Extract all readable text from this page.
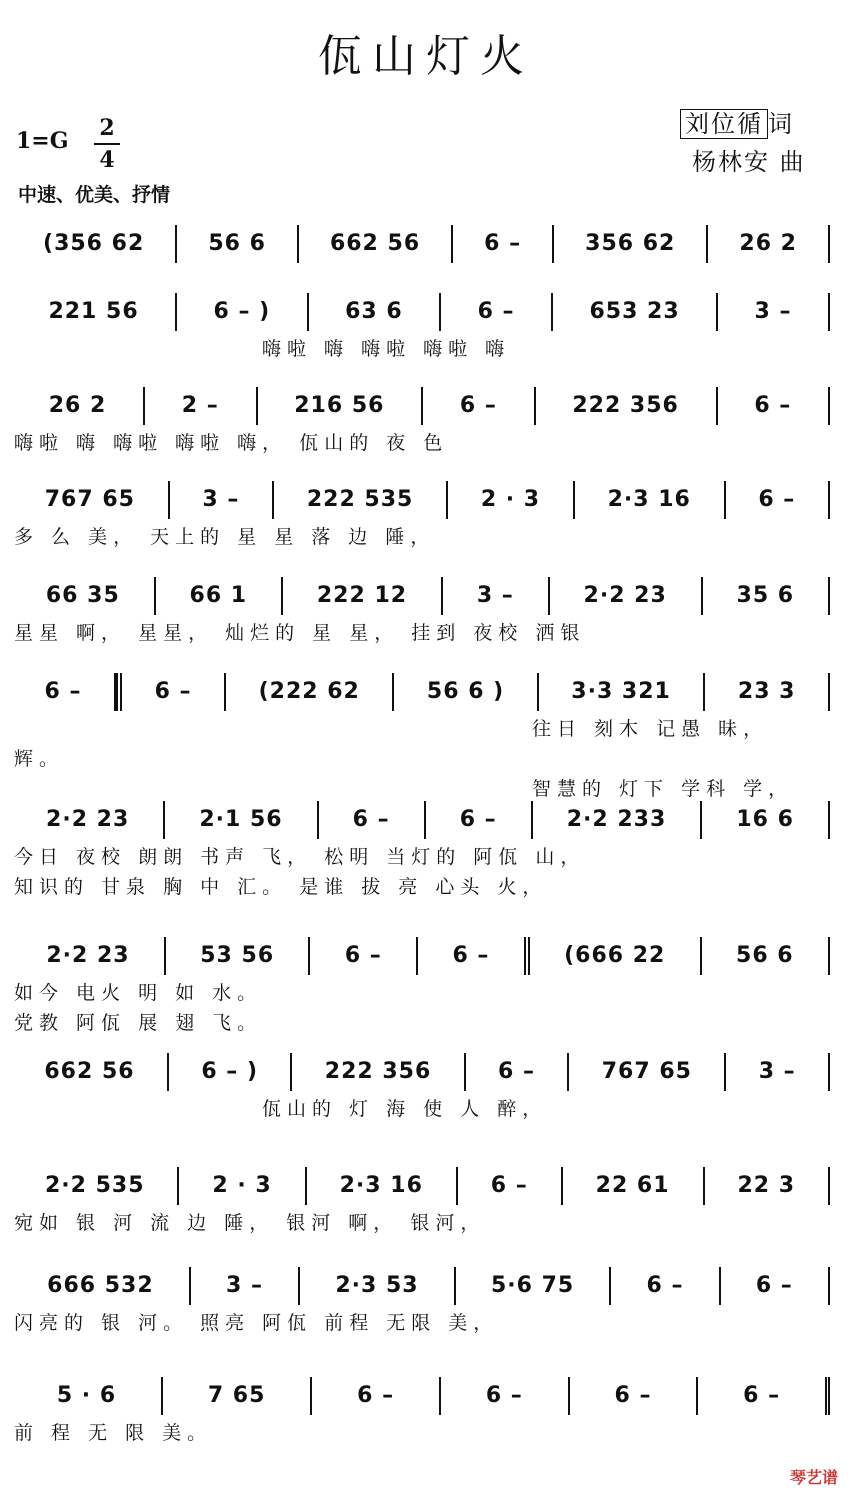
佤山灯火
1=G 2
4
中速、优美、抒情
刘位循 词
杨林安 曲
(356 62	56 6	662 56	6 –	356 62	26 2
221 56	6 – )	63 6	6 –	653 23	3 –
嗨啦 嗨 嗨啦 嗨啦 嗨
26 2	2 –	216 56	6 –	222 356	6 –
嗨啦 嗨 嗨啦 嗨啦 嗨， 佤山的 夜 色
767 65	3 –	222 535	2 · 3	2·3 16	6 –
多 么 美， 天上的 星 星 落 边 陲，
66 35	66 1	222 12	3 –	2·2 23	35 6
星星 啊， 星星， 灿烂的 星 星， 挂到 夜校 洒银
6 –	6 –	(222 62	56 6 )	3·3 321	23 3
往日 刻木 记愚 昧，
辉。
智慧的 灯下 学科 学，
2·2 23	2·1 56	6 –	6 –	2·2 233	16 6
今日 夜校 朗朗 书声 飞， 松明 当灯的 阿佤 山，
知识的 甘泉 胸 中 汇。 是谁 拔 亮 心头 火，
2·2 23	53 56	6 –	6 –	(666 22	56 6
如今 电火 明 如 水。
党教 阿佤 展 翅 飞。
662 56	6 – )	222 356	6 –	767 65	3 –
佤山的 灯 海 使 人 醉，
2·2 535	2 · 3	2·3 16	6 –	22 61	22 3
宛如 银 河 流 边 陲， 银河 啊， 银河，
666 532	3 –	2·3 53	5·6 75	6 –	6 –
闪亮的 银 河。 照亮 阿佤 前程 无限 美，
5 · 6	7 65	6 –	6 –	6 –	6 –
前 程 无 限 美。
琴艺谱
